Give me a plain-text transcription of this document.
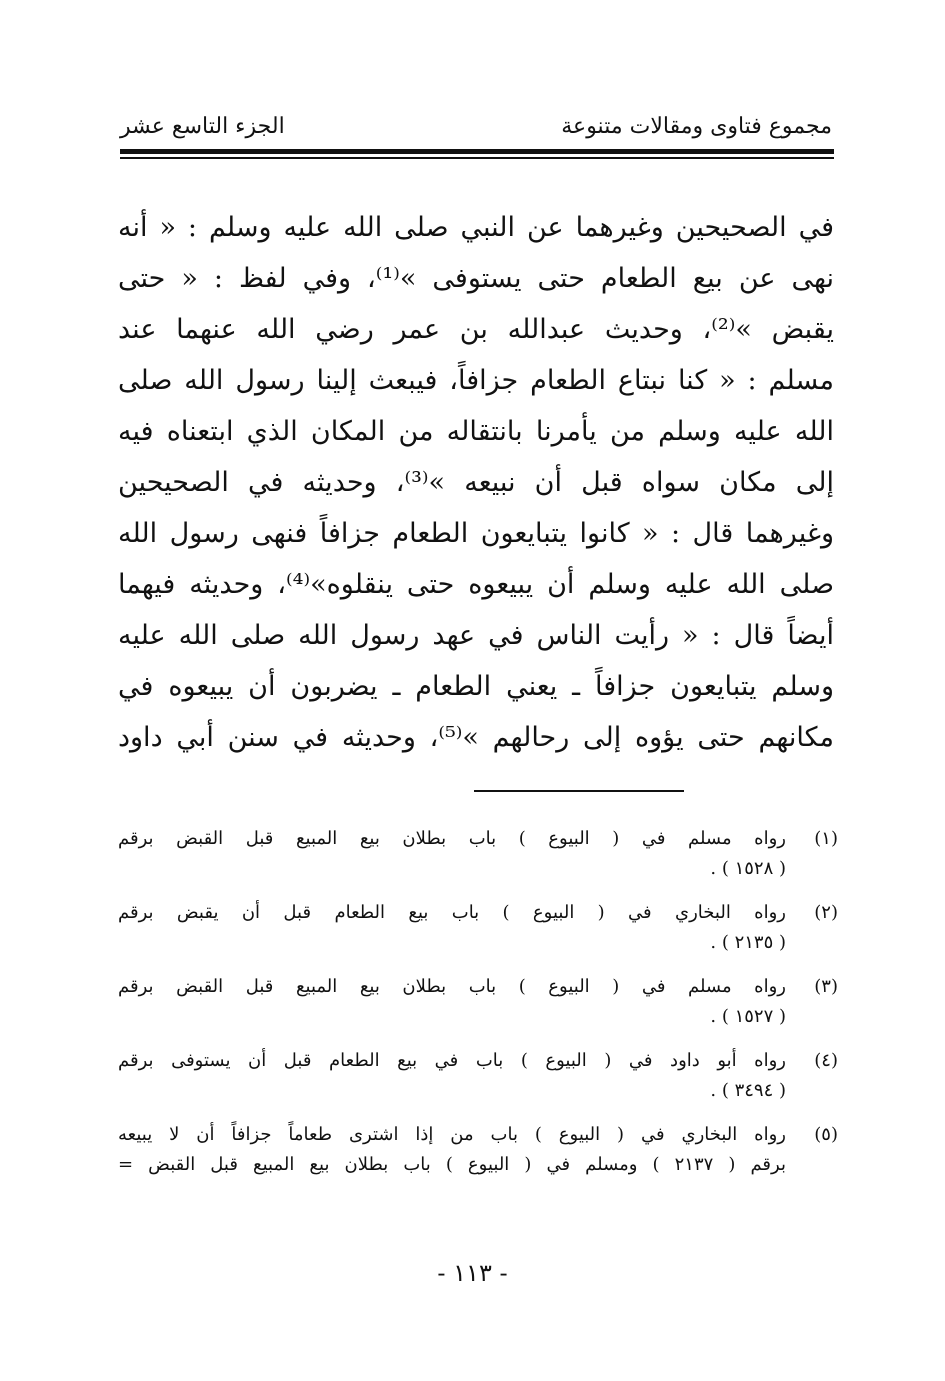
مجموع فتاوى ومقالات متنوعة
الجزء التاسع عشر
في الصحيحين وغيرهما عن النبي صلى الله عليه وسلم : « أنه
نهى عن بيع الطعام حتى يستوفى »⁽¹⁾، وفي لفظ : « حتى
يقبض »⁽²⁾، وحديث عبدالله بن عمر رضي الله عنهما عند
مسلم : « كنا نبتاع الطعام جزافاً، فيبعث إلينا رسول الله صلى
الله عليه وسلم من يأمرنا بانتقاله من المكان الذي ابتعناه فيه
إلى مكان سواه قبل أن نبيعه »⁽³⁾، وحديثه في الصحيحين
وغيرهما قال : « كانوا يتبايعون الطعام جزافاً فنهى رسول الله
صلى الله عليه وسلم أن يبيعوه حتى ينقلوه»⁽⁴⁾، وحديثه فيهما
أيضاً قال : « رأيت الناس في عهد رسول الله صلى الله عليه
وسلم يتبايعون جزافاً ـ يعني الطعام ـ يضربون أن يبيعوه في
مكانهم حتى يؤوه إلى رحالهم »⁽⁵⁾، وحديثه في سنن أبي داود
(١)
رواه مسلم في ( البيوع ) باب بطلان بيع المبيع قبل القبض برقم
( ١٥٢٨ ) .
(٢)
رواه البخاري في ( البيوع ) باب بيع الطعام قبل أن يقبض برقم
( ٢١٣٥ ) .
(٣)
رواه مسلم في ( البيوع ) باب بطلان بيع المبيع قبل القبض برقم
( ١٥٢٧ ) .
(٤)
رواه أبو داود في ( البيوع ) باب في بيع الطعام قبل أن يستوفى برقم
( ٣٤٩٤ ) .
(٥)
رواه البخاري في ( البيوع ) باب من إذا اشترى طعاماً جزافاً أن لا يبيعه
برقم ( ٢١٣٧ ) ومسلم في ( البيوع ) باب بطلان بيع المبيع قبل القبض =
- ١١٣ -
